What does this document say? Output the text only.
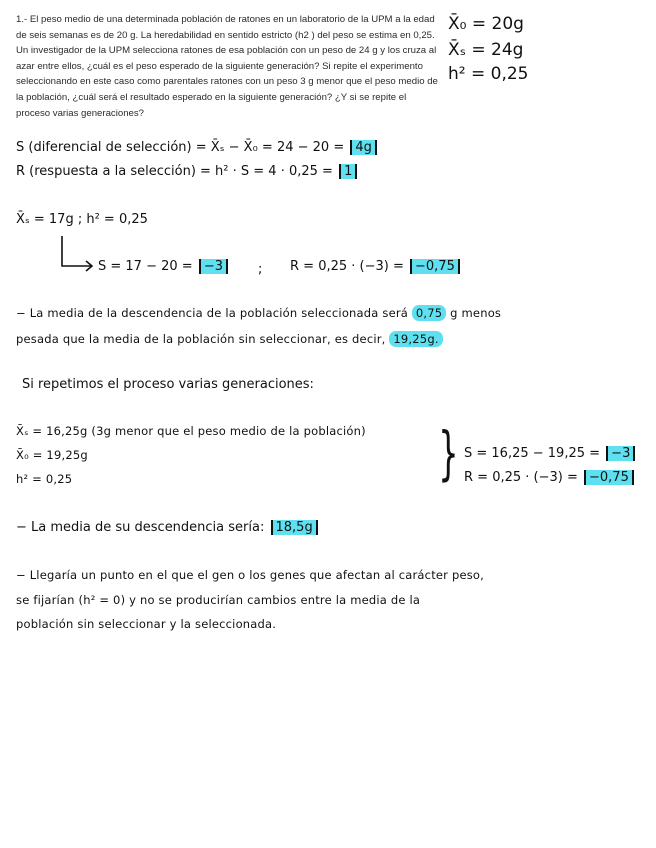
1.- El peso medio de una determinada población de ratones en un laboratorio de la UPM a la edad de seis semanas es de 20 g. La heredabilidad en sentido estricto (h2 ) del peso se estima en 0,25. Un investigador de la UPM selecciona ratones de esa población con un peso de 24 g y los cruza al azar entre ellos, ¿cuál es el peso esperado de la siguiente generación? Si repite el experimento seleccionando en este caso como parentales ratones con un peso 3 g menor que el peso medio de la población, ¿cuál será el resultado esperado en la siguiente generación? ¿Y si se repite el proceso varias generaciones?
X̄₀ = 20g
X̄ₛ = 24g
h² = 0,25
S (diferencial de selección) = X̄ₛ − X̄₀ = 24 − 20 = 4g
R (respuesta a la selección) = h² · S = 4 · 0,25 = 1
X̄ₛ = 17g ; h² = 0,25
S = 17 − 20 = −3	; R = 0,25 · (−3) = −0,75
− La media de la descendencia de la población seleccionada será 0,75 g menos
pesada que la media de la población sin seleccionar, es decir, 19,25g.
Si repetimos el proceso varias generaciones:
X̄ₛ = 16,25g (3g menor que el peso medio de la población)
X̄₀ = 19,25g
h² = 0,25	} S = 16,25 − 19,25 = −3
R = 0,25 · (−3) = −0,75
− La media de su descendencia sería: 18,5g
− Llegaría un punto en el que el gen o los genes que afectan al carácter peso,
se fijarían (h² = 0) y no se producirían cambios entre la media de la
población sin seleccionar y la seleccionada.
